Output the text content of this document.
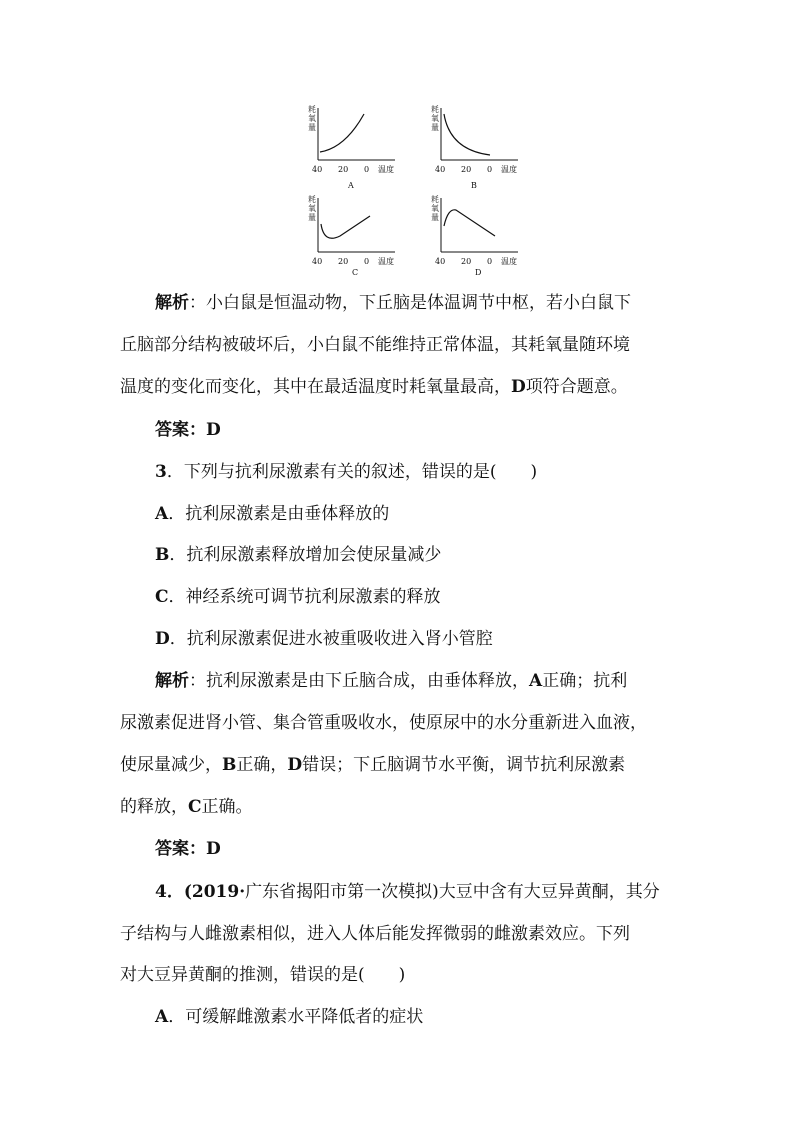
耗
氧
量
40 20 0 温度
A
耗
氧
量
40 20 0 温度
B
耗
氧
量
40 20 0 温度
C
耗
氧
量
40 20 0 温度
D
解析：小白鼠是恒温动物，下丘脑是体温调节中枢，若小白鼠下
丘脑部分结构被破坏后，小白鼠不能维持正常体温，其耗氧量随环境
温度的变化而变化，其中在最适温度时耗氧量最高，D项符合题意。
答案：D
3．下列与抗利尿激素有关的叙述，错误的是(　　)
A．抗利尿激素是由垂体释放的
B．抗利尿激素释放增加会使尿量减少
C．神经系统可调节抗利尿激素的释放
D．抗利尿激素促进水被重吸收进入肾小管腔
解析：抗利尿激素是由下丘脑合成，由垂体释放，A正确；抗利
尿激素促进肾小管、集合管重吸收水，使原尿中的水分重新进入血液，
使尿量减少，B正确，D错误；下丘脑调节水平衡，调节抗利尿激素
的释放，C正确。
答案：D
4．(2019·广东省揭阳市第一次模拟)大豆中含有大豆异黄酮，其分
子结构与人雌激素相似，进入人体后能发挥微弱的雌激素效应。下列
对大豆异黄酮的推测，错误的是(　　)
A．可缓解雌激素水平降低者的症状
